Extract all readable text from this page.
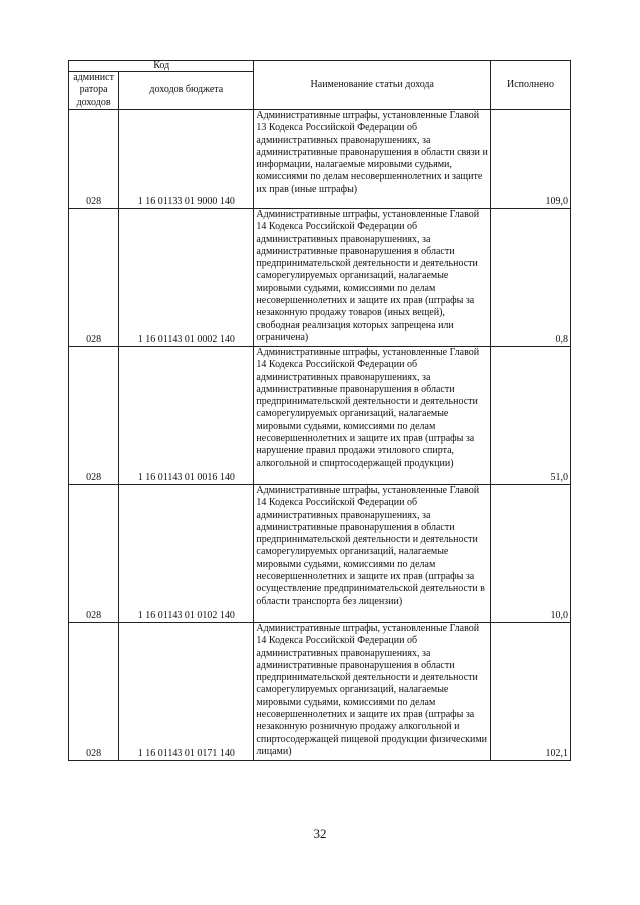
Код		Наименование статьи дохода	Исполнено
админист ратора доходов	доходов бюджета		
028	1 16 01133 01 9000 140	Административные штрафы, установленные Главой 13 Кодекса Российской Федерации об административных правонарушениях, за административные правонарушения в области связи и информации, налагаемые мировыми судьями, комиссиями по делам несовершеннолетних и защите их прав (иные штрафы)	109,0
028	1 16 01143 01 0002 140	Административные штрафы, установленные Главой 14 Кодекса Российской Федерации об административных правонарушениях, за административные правонарушения в области предпринимательской деятельности и деятельности саморегулируемых организаций, налагаемые мировыми судьями, комиссиями по делам несовершеннолетних и защите их прав (штрафы за незаконную продажу товаров (иных вещей), свободная реализация которых запрещена или ограничена)	0,8
028	1 16 01143 01 0016 140	Административные штрафы, установленные Главой 14 Кодекса Российской Федерации об административных правонарушениях, за административные правонарушения в области предпринимательской деятельности и деятельности саморегулируемых организаций, налагаемые мировыми судьями, комиссиями по делам несовершеннолетних и защите их прав (штрафы за нарушение правил продажи этилового спирта, алкогольной и спиртосодержащей продукции)	51,0
028	1 16 01143 01 0102 140	Административные штрафы, установленные Главой 14 Кодекса Российской Федерации об административных правонарушениях, за административные правонарушения в области предпринимательской деятельности и деятельности саморегулируемых организаций, налагаемые мировыми судьями, комиссиями по делам несовершеннолетних и защите их прав (штрафы за осуществление предпринимательской деятельности в области транспорта без лицензии)	10,0
028	1 16 01143 01 0171 140	Административные штрафы, установленные Главой 14 Кодекса Российской Федерации об административных правонарушениях, за административные правонарушения в области предпринимательской деятельности и деятельности саморегулируемых организаций, налагаемые мировыми судьями, комиссиями по делам несовершеннолетних и защите их прав (штрафы за незаконную розничную продажу алкогольной и спиртосодержащей пищевой продукции физическими лицами)	102,1
32
